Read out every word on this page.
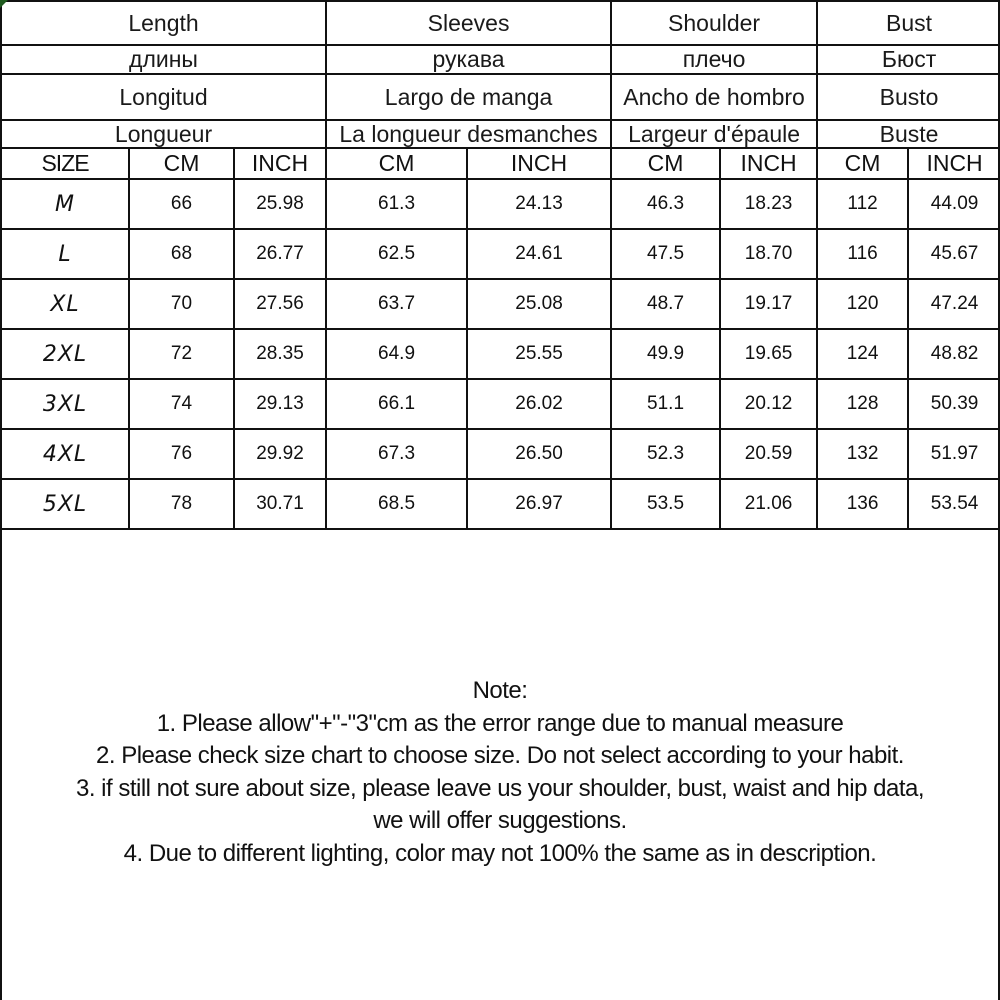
Length			Sleeves		Shoulder		Bust	
длины			рукава		плечо		Бюст	
Longitud			Largo de manga		Ancho de hombro		Busto	
Longueur			La longueur desmanches		Largeur d'épaule		Buste	
SIZE	CM	INCH	CM	INCH	CM	INCH	CM	INCH
M	66	25.98	61.3	24.13	46.3	18.23	112	44.09
L	68	26.77	62.5	24.61	47.5	18.70	116	45.67
XL	70	27.56	63.7	25.08	48.7	19.17	120	47.24
2XL	72	28.35	64.9	25.55	49.9	19.65	124	48.82
3XL	74	29.13	66.1	26.02	51.1	20.12	128	50.39
4XL	76	29.92	67.3	26.50	52.3	20.59	132	51.97
5XL	78	30.71	68.5	26.97	53.5	21.06	136	53.54
Note:
1. Please allow"+"-"3"cm as the error range due to manual measure
2. Please check size chart to choose size. Do not select according to your habit.
3. if still not sure about size, please leave us your shoulder, bust, waist and hip data,
we will offer suggestions.
4. Due to different lighting, color may not 100% the same as in description.
